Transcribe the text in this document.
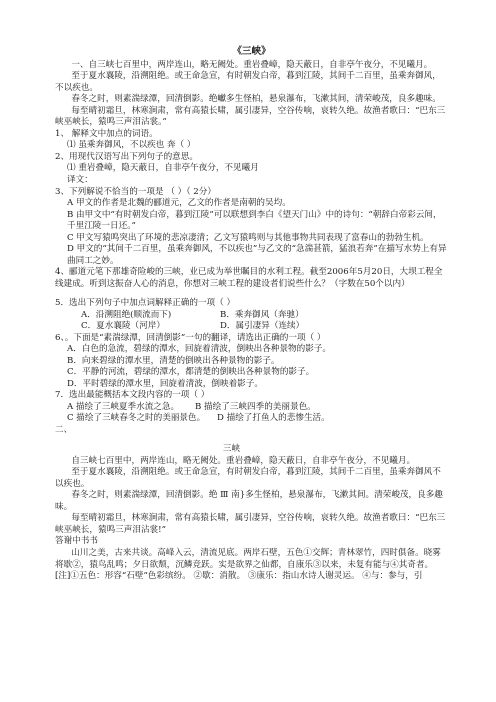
《三峡》

一、自三峡七百里中，两岸连山，略无阙处。重岩叠嶂，隐天蔽日，自非亭午夜分，不见曦月。

至于夏水襄陵，沿溯阻绝。或王命急宣，有时朝发白帝，暮到江陵，其间千二百里，虽乘奔御风，不以疾也。

春冬之时，则素湍绿潭，回清倒影。绝巘多生怪柏，悬泉瀑布，飞漱其间，清荣峻茂，良多趣味。

每至晴初霜旦，林寒涧肃，常有高猿长啸，属引凄异，空谷传响，哀转久绝。故渔者歌曰：“巴东三峡巫峡长，猿鸣三声泪沾裳。”

1、 解释文中加点的词语。

⑴ 虽乘奔御风，不以疾也 奔（ ）

2、用现代汉语写出下列句子的意思。

⑴ 重岩叠嶂，隐天蔽日，自非亭午夜分，不见曦月

译文：

3、下列解说不恰当的一项是 （ ）（ 2分）

A 甲文的作者是北魏的郦道元，乙文的作者是南朝的吴均。

B 由甲文中“有时朝发白帝，暮到江陵”可以联想到李白《望天门山》中的诗句：“朝辞白帝彩云间，千里江陵一日还。”

C 甲文写猿鸣突出了环境的悲凉凄清；乙文写猿鸣则与其他事物共同表现了富春山的勃勃生机。

D 甲文的“其间千二百里，虽乘奔御风，不以疾也”与乙文的“急湍甚箭，猛浪若奔”在描写水势上有异曲同工之妙。

4、郦道元笔下那雄奇险峻的三峡，业已成为举世瞩目的水利工程。截至2006年5月20日，大坝工程全线建成。听到这振奋人心的消息，你想对三峡工程的建设者们说些什么？（字数在50个以内）

5．选出下列句子中加点词解释正确的一项（ ）

A．沿溯阻绝(顺流而下)	B．乘奔御风（奔驰）
C．夏水襄陵（河岸）	D．属引凄异（连续）

6、。下面是“素湍绿潭，回清倒影”一句的翻译，请选出正确的一项（ ）

A．白色的急流，碧绿的潭水，回旋着清波，倒映出各种景物的影子。

B．向来碧绿的潭水里，清楚的倒映出各种景物的影子。

C．平静的河流，碧绿的潭水，都清楚的倒映出各种景物的影子。

D．平时碧绿的潭水里，回旋着清波，倒映着影子。

7．选出最能概括本文段内容的一项（ ）

A 描绘了三峡夏季水流之急。	B 描绘了三峡四季的美丽景色。
C 描绘了三峡春冬之时的美丽景色。	D 描绘了打鱼人的悲惨生活。

二、

三峡

自三峡七百里中，两岸连山，略无阙处。重岩叠嶂，隐天蔽日，自非亭午夜分，不见曦月。

至于夏水襄陵，沿溯阻绝。或王命急宣，有时朝发白帝，暮到江陵，其间千二百里，虽乘奔御风不以疾也。

春冬之时，则素湍绿潭，回清倒影。绝 Ⅲ 南}多生怪柏，悬泉瀑布，飞漱其间。清荣峻茂，良多趣味。

每至晴初霜旦，林寒涧肃，常有高猿长啸，属引凄异，空谷传响，哀转久绝。故渔者歌曰：“巴东三峡巫峡长，猿鸣三声泪沾裳!”

答谢中书书

山川之美，古来共谈。高峰入云，清流见底。两岸石壁，五色①交辉；青林翠竹，四时俱备。晓雾将歇②，猿鸟乱鸣；夕日欲颓，沉鳞竞跃。实是欲界之仙都，自康乐③以来，未复有能与④其奇者。

[注]①五色：形容“石壁”色彩缤纷。 ②歇：消散。 ③康乐：指山水诗人谢灵运。 ④与：参与，引
